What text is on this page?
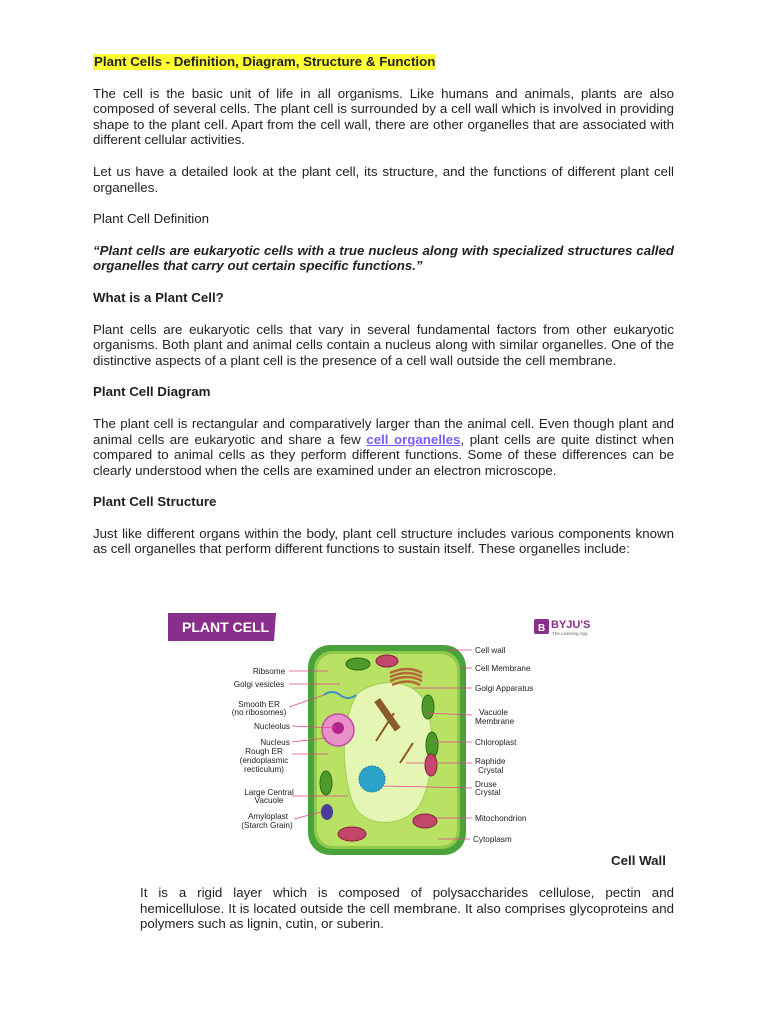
Plant Cells - Definition, Diagram, Structure & Function

The cell is the basic unit of life in all organisms. Like humans and animals, plants are also composed of several cells. The plant cell is surrounded by a cell wall which is involved in providing shape to the plant cell. Apart from the cell wall, there are other organelles that are associated with different cellular activities.

Let us have a detailed look at the plant cell, its structure, and the functions of different plant cell organelles.

Plant Cell Definition

“Plant cells are eukaryotic cells with a true nucleus along with specialized structures called organelles that carry out certain specific functions.”

What is a Plant Cell?

Plant cells are eukaryotic cells that vary in several fundamental factors from other eukaryotic organisms. Both plant and animal cells contain a nucleus along with similar organelles. One of the distinctive aspects of a plant cell is the presence of a cell wall outside the cell membrane.

Plant Cell Diagram

The plant cell is rectangular and comparatively larger than the animal cell. Even though plant and animal cells are eukaryotic and share a few cell organelles, plant cells are quite distinct when compared to animal cells as they perform different functions. Some of these differences can be clearly understood when the cells are examined under an electron microscope.

Plant Cell Structure

Just like different organs within the body, plant cell structure includes various components known as cell organelles that perform different functions to sustain itself. These organelles include:

PLANT CELL	B BYJU'S
The Learning App
Ribsome
Golgi vesicles
Smooth ER
(no ribosomes)
Nucleolus
Nucleus
Rough ER
(endoplasmic
recticulum)
Large Central
Vacuole
Amyloplast
(Starch Grain)
Cell wall
Cell Membrane
Golgi Apparatus
Vacuole
Membrane
Chloroplast
Raphide
Crystal
Druse
Crystal
Mitochondrion
Cytoplasm
Cell Wall

It is a rigid layer which is composed of polysaccharides cellulose, pectin and hemicellulose. It is located outside the cell membrane. It also comprises glycoproteins and polymers such as lignin, cutin, or suberin.
